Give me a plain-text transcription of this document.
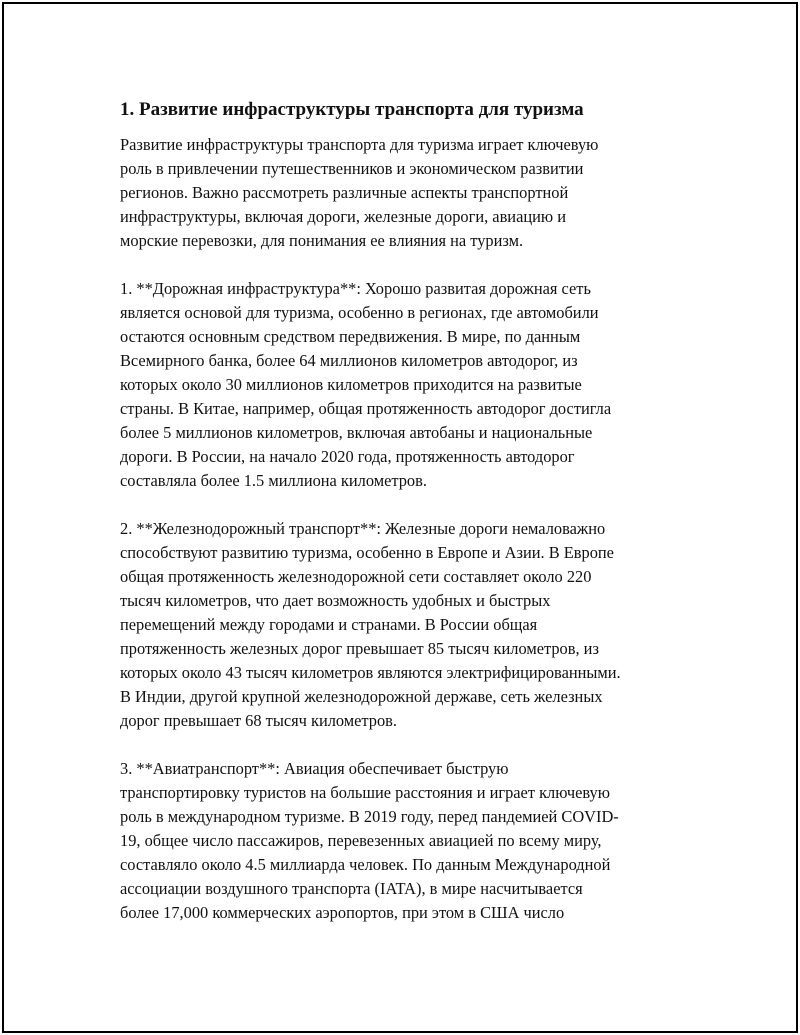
1. Развитие инфраструктуры транспорта для туризма

Развитие инфраструктуры транспорта для туризма играет ключевую
роль в привлечении путешественников и экономическом развитии
регионов. Важно рассмотреть различные аспекты транспортной
инфраструктуры, включая дороги, железные дороги, авиацию и
морские перевозки, для понимания ее влияния на туризм.

1. **Дорожная инфраструктура**: Хорошо развитая дорожная сеть
является основой для туризма, особенно в регионах, где автомобили
остаются основным средством передвижения. В мире, по данным
Всемирного банка, более 64 миллионов километров автодорог, из
которых около 30 миллионов километров приходится на развитые
страны. В Китае, например, общая протяженность автодорог достигла
более 5 миллионов километров, включая автобаны и национальные
дороги. В России, на начало 2020 года, протяженность автодорог
составляла более 1.5 миллиона километров.

2. **Железнодорожный транспорт**: Железные дороги немаловажно
способствуют развитию туризма, особенно в Европе и Азии. В Европе
общая протяженность железнодорожной сети составляет около 220
тысяч километров, что дает возможность удобных и быстрых
перемещений между городами и странами. В России общая
протяженность железных дорог превышает 85 тысяч километров, из
которых около 43 тысяч километров являются электрифицированными.
В Индии, другой крупной железнодорожной державе, сеть железных
дорог превышает 68 тысяч километров.

3. **Авиатранспорт**: Авиация обеспечивает быструю
транспортировку туристов на большие расстояния и играет ключевую
роль в международном туризме. В 2019 году, перед пандемией COVID-
19, общее число пассажиров, перевезенных авиацией по всему миру,
составляло около 4.5 миллиарда человек. По данным Международной
ассоциации воздушного транспорта (IATA), в мире насчитывается
более 17,000 коммерческих аэропортов, при этом в США число
